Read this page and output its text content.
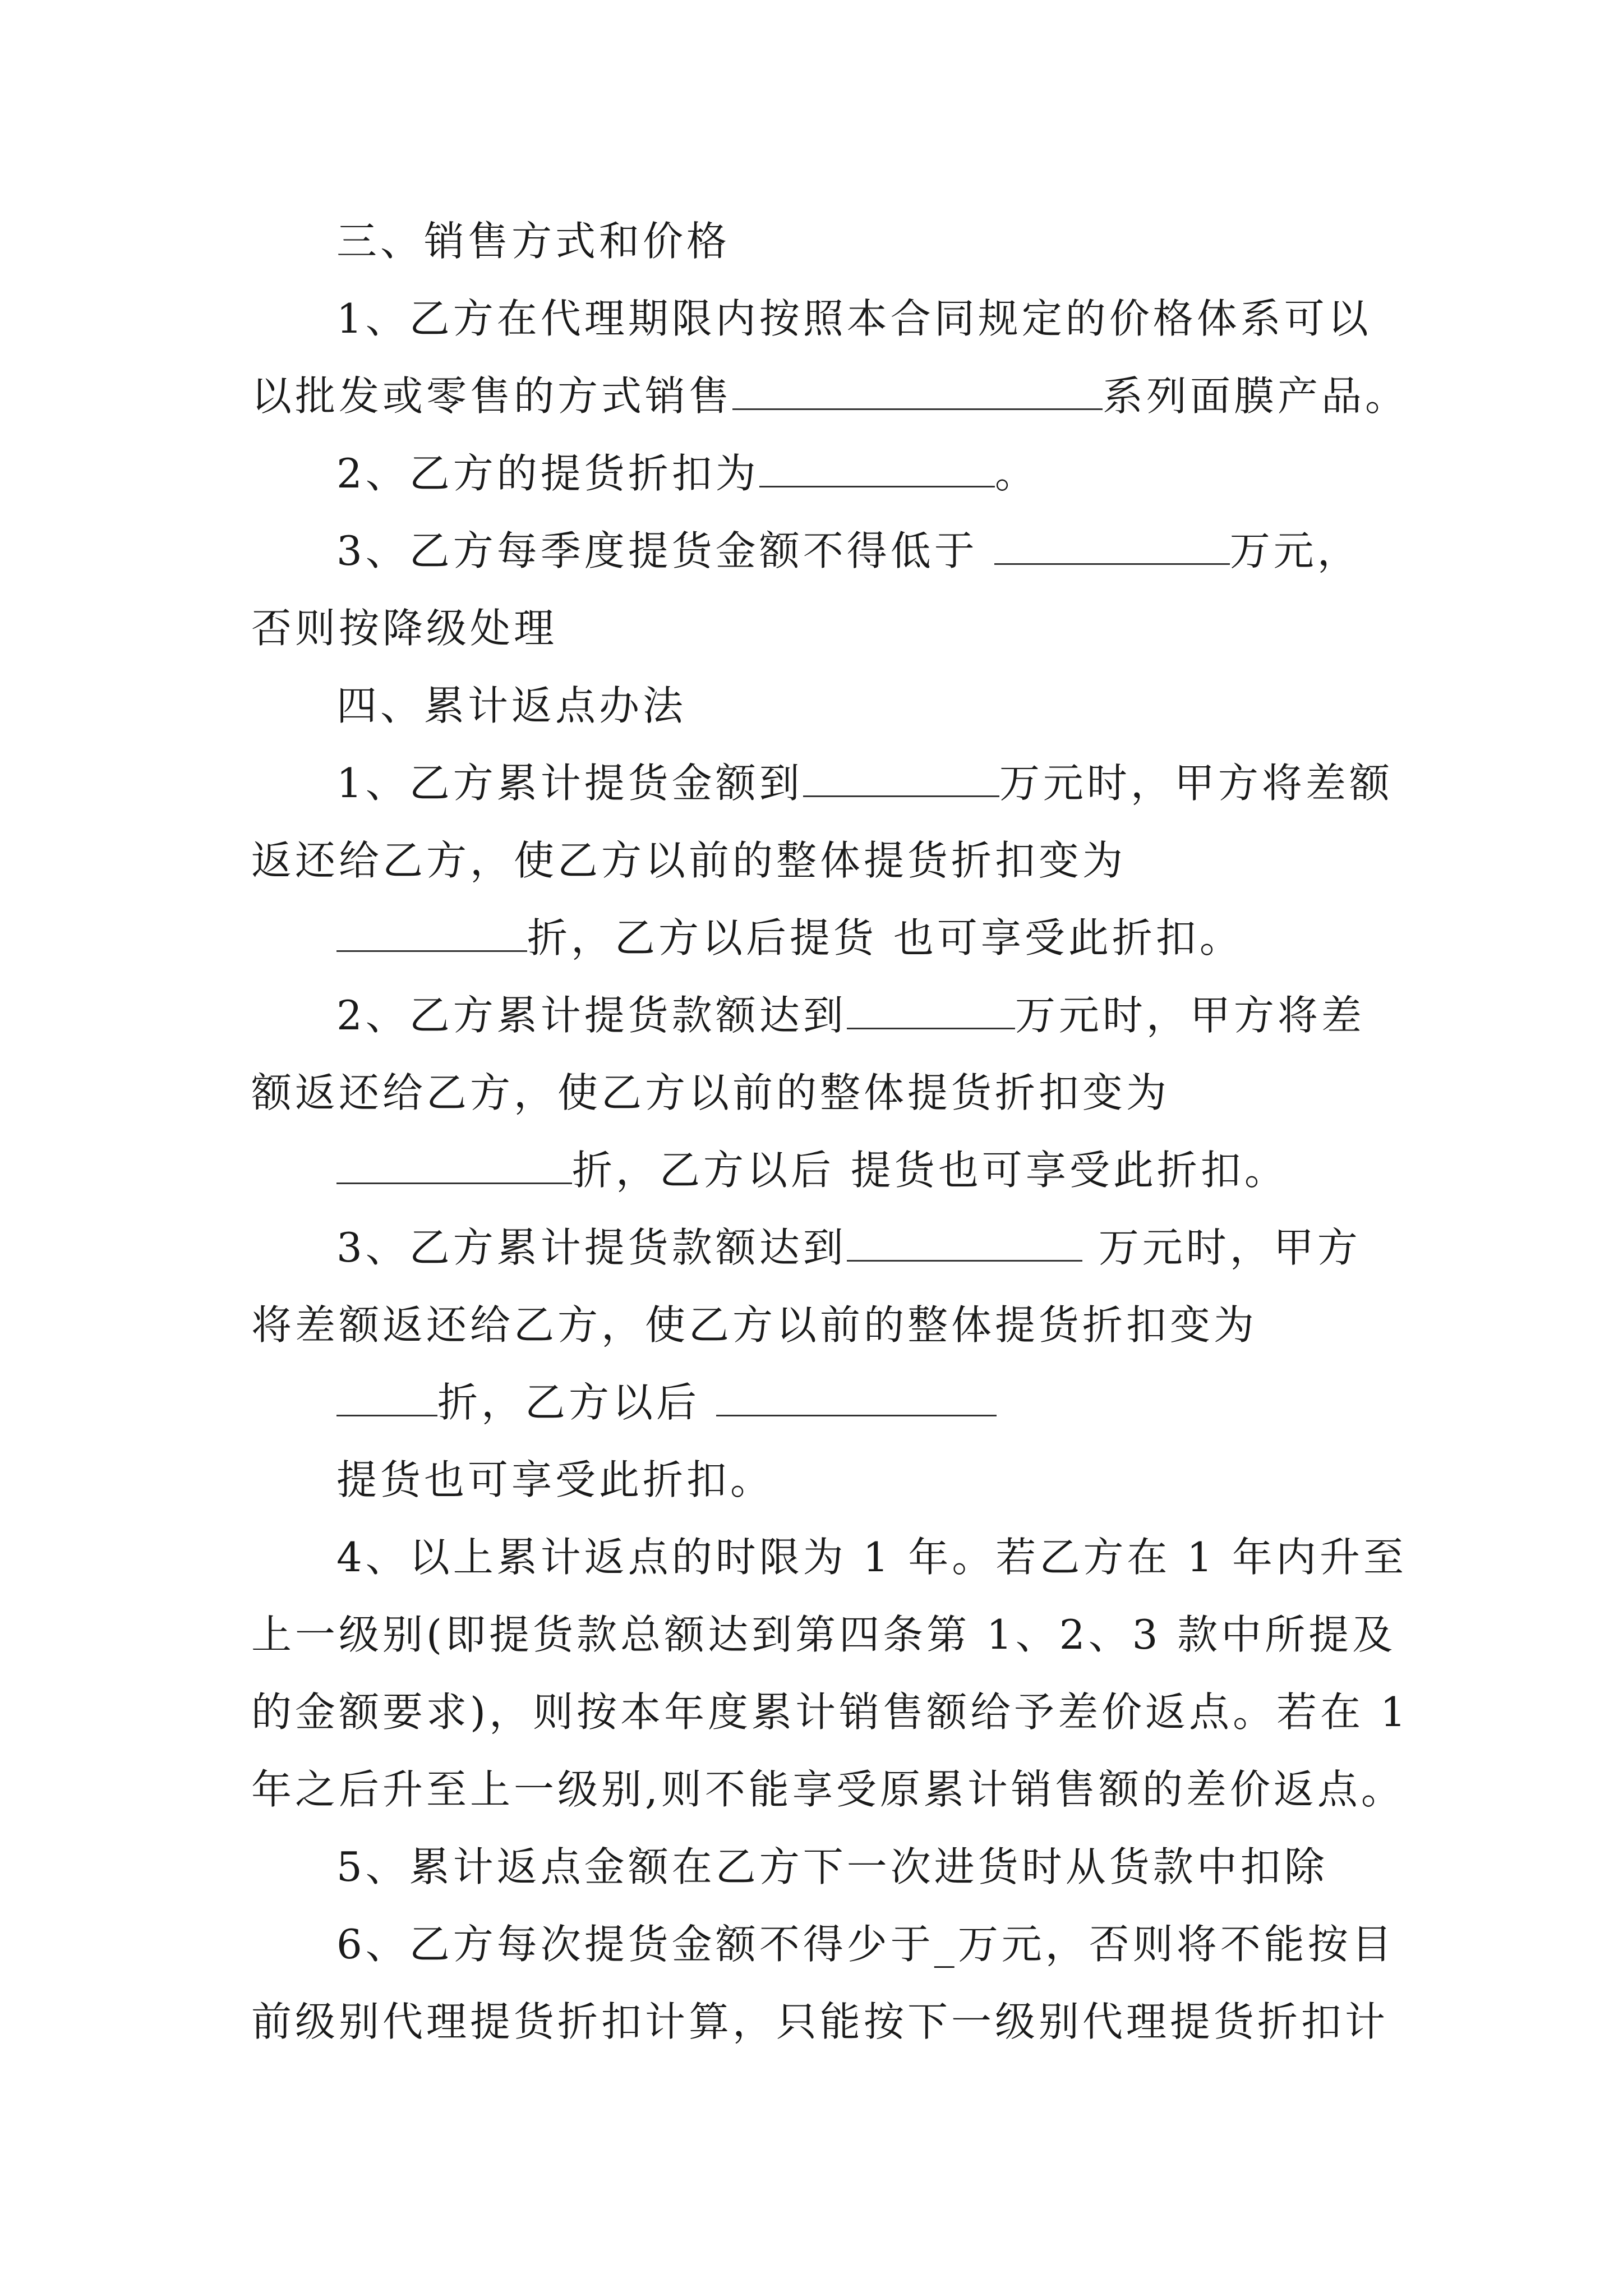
三、销售方式和价格
1、乙方在代理期限内按照本合同规定的价格体系可以
以批发或零售的方式销售	系列面膜产品。
2、乙方的提货折扣为	。
3、乙方每季度提货金额不得低于	万元，
否则按降级处理
四、累计返点办法
1、乙方累计提货金额到	万元时，甲方将差额
返还给乙方，使乙方以前的整体提货折扣变为
折，乙方以后提货 也可享受此折扣。
2、乙方累计提货款额达到	万元时，甲方将差
额返还给乙方，使乙方以前的整体提货折扣变为
折，乙方以后 提货也可享受此折扣。
3、乙方累计提货款额达到	万元时，甲方
将差额返还给乙方，使乙方以前的整体提货折扣变为
折，乙方以后
提货也可享受此折扣。
4、以上累计返点的时限为 1 年。若乙方在 1 年内升至
上一级别(即提货款总额达到第四条第 1、2、3 款中所提及
的金额要求)，则按本年度累计销售额给予差价返点。若在 1
年之后升至上一级别,则不能享受原累计销售额的差价返点。
5、累计返点金额在乙方下一次进货时从货款中扣除
6、乙方每次提货金额不得少于_万元，否则将不能按目
前级别代理提货折扣计算，只能按下一级别代理提货折扣计
